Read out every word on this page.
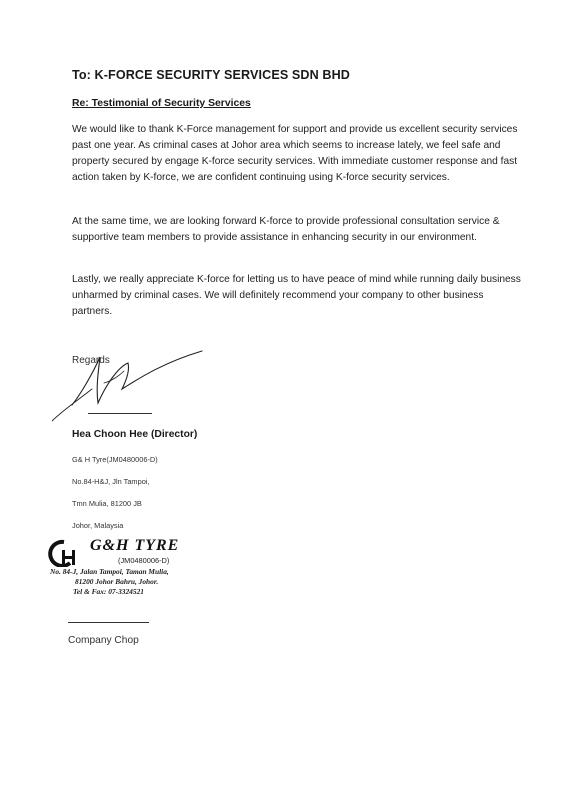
To: K-FORCE SECURITY SERVICES SDN BHD
Re: Testimonial of Security Services

We would like to thank K-Force management for support and provide us excellent security services past one year. As criminal cases at Johor area which seems to increase lately, we feel safe and property secured by engage K-force security services. With immediate customer response and fast action taken by K-force, we are confident continuing using K-force security services.

At the same time, we are looking forward K-force to provide professional consultation service & supportive team members to provide assistance in enhancing security in our environment.

Lastly, we really appreciate K-force for letting us to have peace of mind while running daily business unharmed by criminal cases. We will definitely recommend your company to other business partners.

Regards
Hea Choon Hee (Director)
G& H Tyre(JM0480006-D)
No.84-H&J, Jln Tampoi,
Tmn Mulia, 81200 JB
Johor, Malaysia
G&H TYRE
(JM0480006-D)
No. 84-J, Jalan Tampoi, Taman Mulia,
81200 Johor Bahru, Johor.
Tel & Fax: 07-3324521
Company Chop
